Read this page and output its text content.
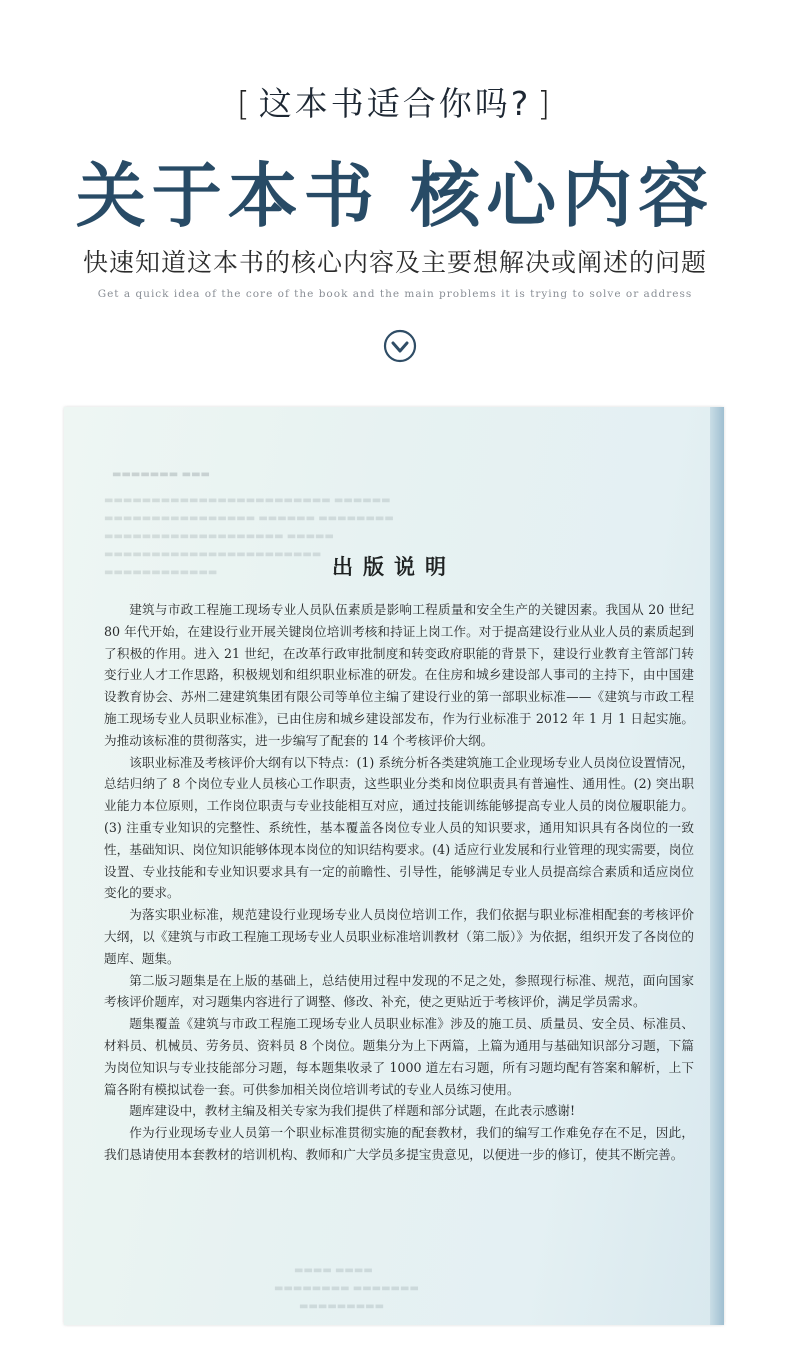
[ 这本书适合你吗? ]
关于本书 核心内容
快速知道这本书的核心内容及主要想解决或阐述的问题
Get a quick idea of the core of the book and the main problems it is trying to solve or address
▬▬▬▬▬▬▬ ▬▬▬
▬▬▬▬▬▬▬▬▬▬▬▬▬▬▬▬▬▬▬▬▬▬▬▬ ▬▬▬▬▬▬
▬▬▬▬▬▬▬▬▬▬▬▬▬▬▬▬ ▬▬▬▬▬▬ ▬▬▬▬▬▬▬▬
▬▬▬▬▬▬▬▬▬▬▬▬▬▬▬▬▬▬▬ ▬▬▬▬▬
▬▬▬▬▬▬▬▬▬▬▬▬▬▬▬▬▬▬▬▬▬▬▬
▬▬▬▬▬▬▬▬▬▬▬▬	出版说明

建筑与市政工程施工现场专业人员队伍素质是影响工程质量和安全生产的关键因素。我国从 20 世纪 80 年代开始，在建设行业开展关键岗位培训考核和持证上岗工作。对于提高建设行业从业人员的素质起到了积极的作用。进入 21 世纪，在改革行政审批制度和转变政府职能的背景下，建设行业教育主管部门转变行业人才工作思路，积极规划和组织职业标准的研发。在住房和城乡建设部人事司的主持下，由中国建设教育协会、苏州二建建筑集团有限公司等单位主编了建设行业的第一部职业标准——《建筑与市政工程施工现场专业人员职业标准》，已由住房和城乡建设部发布，作为行业标准于 2012 年 1 月 1 日起实施。为推动该标准的贯彻落实，进一步编写了配套的 14 个考核评价大纲。

该职业标准及考核评价大纲有以下特点：(1) 系统分析各类建筑施工企业现场专业人员岗位设置情况，总结归纳了 8 个岗位专业人员核心工作职责，这些职业分类和岗位职责具有普遍性、通用性。(2) 突出职业能力本位原则，工作岗位职责与专业技能相互对应，通过技能训练能够提高专业人员的岗位履职能力。(3) 注重专业知识的完整性、系统性，基本覆盖各岗位专业人员的知识要求，通用知识具有各岗位的一致性，基础知识、岗位知识能够体现本岗位的知识结构要求。(4) 适应行业发展和行业管理的现实需要，岗位设置、专业技能和专业知识要求具有一定的前瞻性、引导性，能够满足专业人员提高综合素质和适应岗位变化的要求。

为落实职业标准，规范建设行业现场专业人员岗位培训工作，我们依据与职业标准相配套的考核评价大纲，以《建筑与市政工程施工现场专业人员职业标准培训教材（第二版）》为依据，组织开发了各岗位的题库、题集。

第二版习题集是在上版的基础上，总结使用过程中发现的不足之处，参照现行标准、规范，面向国家考核评价题库，对习题集内容进行了调整、修改、补充，使之更贴近于考核评价，满足学员需求。

题集覆盖《建筑与市政工程施工现场专业人员职业标准》涉及的施工员、质量员、安全员、标准员、材料员、机械员、劳务员、资料员 8 个岗位。题集分为上下两篇，上篇为通用与基础知识部分习题，下篇为岗位知识与专业技能部分习题，每本题集收录了 1000 道左右习题，所有习题均配有答案和解析，上下篇各附有模拟试卷一套。可供参加相关岗位培训考试的专业人员练习使用。

题库建设中，教材主编及相关专家为我们提供了样题和部分试题，在此表示感谢!

作为行业现场专业人员第一个职业标准贯彻实施的配套教材，我们的编写工作难免存在不足，因此，我们恳请使用本套教材的培训机构、教师和广大学员多提宝贵意见，以便进一步的修订，使其不断完善。

▬▬▬▬ ▬▬▬▬
▬▬▬▬▬▬▬▬ ▬▬▬▬▬▬▬
▬▬▬▬▬▬▬▬▬
